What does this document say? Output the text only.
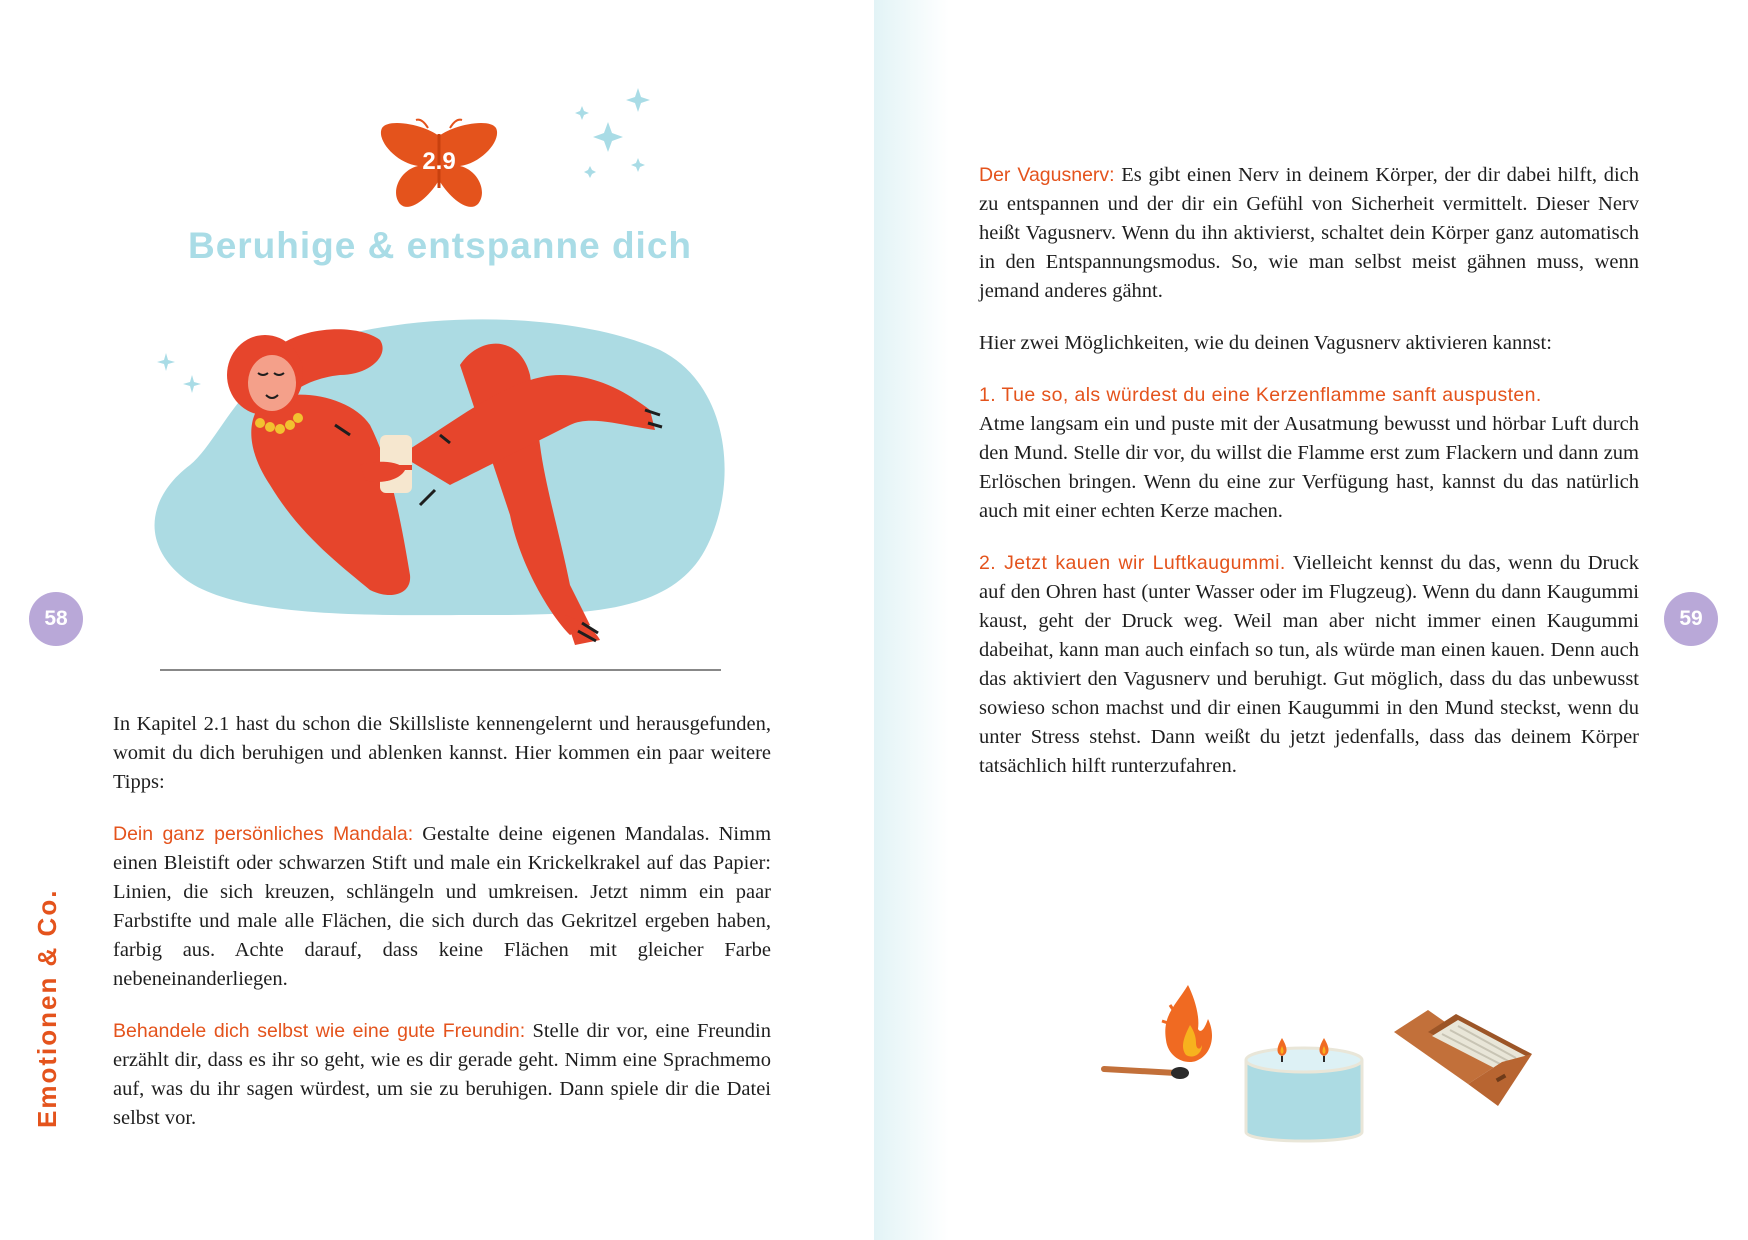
2.9
Beruhige & entspanne dich

In Kapitel 2.1 hast du schon die Skillsliste kennengelernt und herausgefunden, womit du dich beruhigen und ablenken kannst. Hier kommen ein paar weitere Tipps:

Dein ganz persönliches Mandala: Gestalte deine eigenen Mandalas. Nimm einen Bleistift oder schwarzen Stift und male ein Krickelkrakel auf das Papier: Linien, die sich kreuzen, schlängeln und umkreisen. Jetzt nimm ein paar Farbstifte und male alle Flächen, die sich durch das Gekritzel ergeben haben, farbig aus. Achte darauf, dass keine Flächen mit gleicher Farbe nebeneinanderliegen.

Behandele dich selbst wie eine gute Freundin: Stelle dir vor, eine Freundin erzählt dir, dass es ihr so geht, wie es dir gerade geht. Nimm eine Sprachmemo auf, was du ihr sagen würdest, um sie zu beruhigen. Dann spiele dir die Datei selbst vor.

58
Emotionen & Co.

Der Vagusnerv: Es gibt einen Nerv in deinem Körper, der dir dabei hilft, dich zu entspannen und der dir ein Gefühl von Sicherheit vermittelt. Dieser Nerv heißt Vagusnerv. Wenn du ihn aktivierst, schaltet dein Körper ganz automatisch in den Entspannungsmodus. So, wie man selbst meist gähnen muss, wenn jemand anderes gähnt.

Hier zwei Möglichkeiten, wie du deinen Vagusnerv aktivieren kannst:

1. Tue so, als würdest du eine Kerzenflamme sanft auspusten.
Atme langsam ein und puste mit der Ausatmung bewusst und hörbar Luft durch den Mund. Stelle dir vor, du willst die Flamme erst zum Flackern und dann zum Erlöschen bringen. Wenn du eine zur Verfügung hast, kannst du das natürlich auch mit einer echten Kerze machen.

2. Jetzt kauen wir Luftkaugummi. Vielleicht kennst du das, wenn du Druck auf den Ohren hast (unter Wasser oder im Flugzeug). Wenn du dann Kaugummi kaust, geht der Druck weg. Weil man aber nicht immer einen Kaugummi dabeihat, kann man auch einfach so tun, als würde man einen kauen. Denn auch das aktiviert den Vagusnerv und beruhigt. Gut möglich, dass du das unbewusst sowieso schon machst und dir einen Kaugummi in den Mund steckst, wenn du unter Stress stehst. Dann weißt du jetzt jedenfalls, dass das deinem Körper tatsächlich hilft runterzufahren.

59
